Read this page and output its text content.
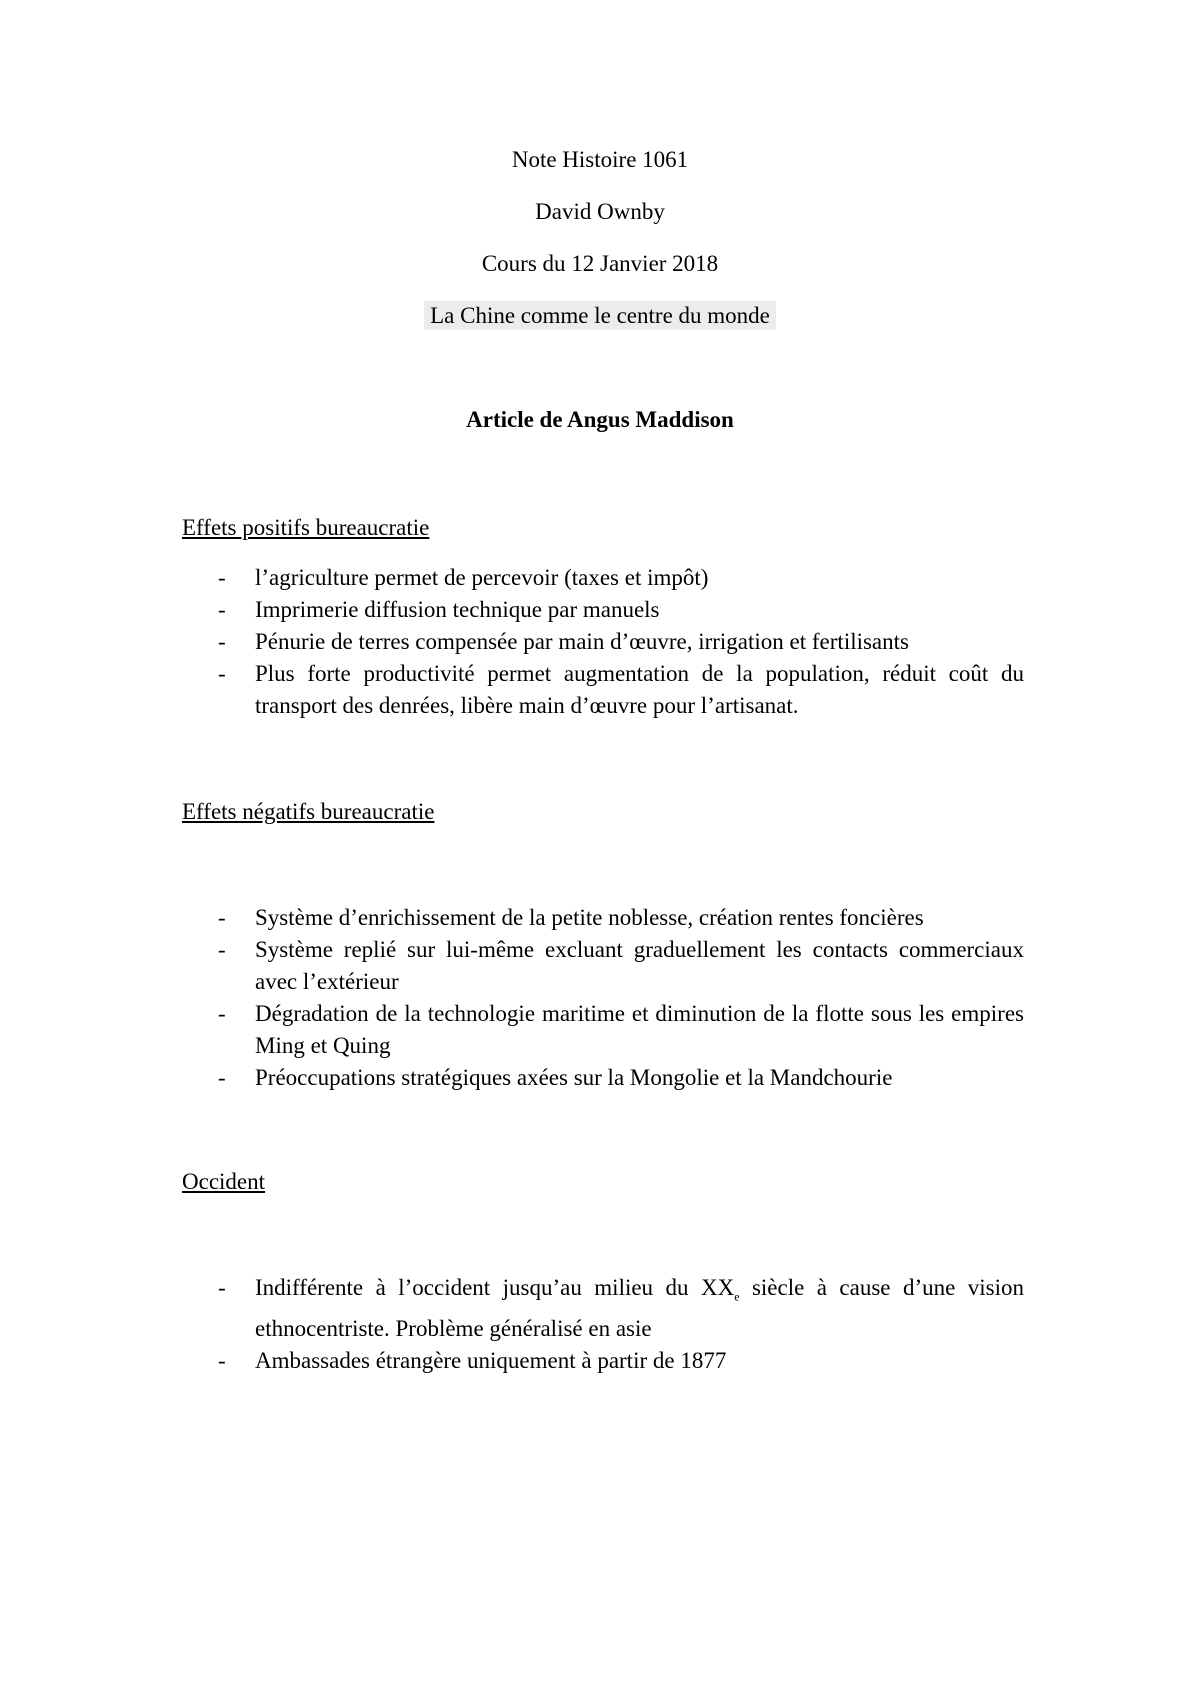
Note Histoire 1061
David Ownby
Cours du 12 Janvier 2018
La Chine comme le centre du monde
Article de Angus Maddison
Effets positifs bureaucratie
- l’agriculture permet de percevoir (taxes et impôt)
- Imprimerie diffusion technique par manuels
- Pénurie de terres compensée par main d’œuvre, irrigation et fertilisants
- Plus forte productivité permet augmentation de la population, réduit coût du transport des denrées, libère main d’œuvre pour l’artisanat.
Effets négatifs bureaucratie
- Système d’enrichissement de la petite noblesse, création rentes foncières
- Système replié sur lui-même excluant graduellement les contacts commerciaux avec l’extérieur
- Dégradation de la technologie maritime et diminution de la flotte sous les empires Ming et Quing
- Préoccupations stratégiques axées sur la Mongolie et la Mandchourie
Occident
- Indifférente à l’occident jusqu’au milieu du $XX_e$ siècle à cause d’une vision ethnocentriste. Problème généralisé en asie
- Ambassades étrangère uniquement à partir de 1877
